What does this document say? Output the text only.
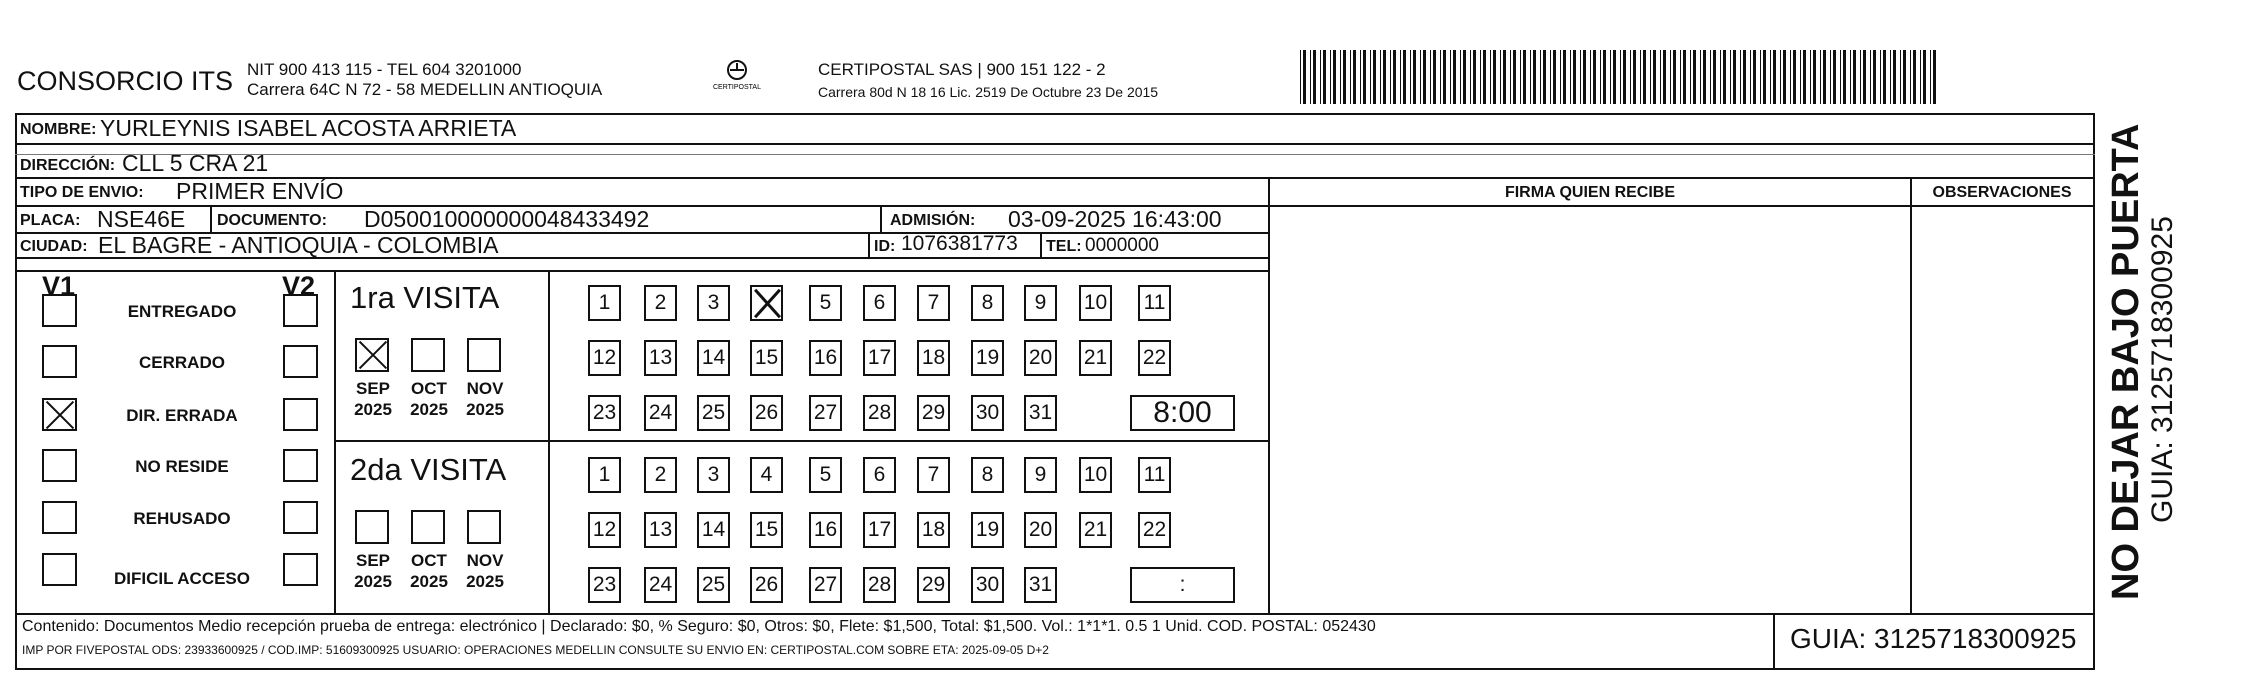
CONSORCIO ITS NIT 900 413 115 - TEL 604 3201000
Carrera 64C N 72 - 58 MEDELLIN ANTIOQUIA	CERTIPOSTAL
CERTIPOSTAL SAS | 900 151 122 - 2
Carrera 80d N 18 16 Lic. 2519 De Octubre 23 De 2015
NOMBRE: YURLEYNIS ISABEL ACOSTA ARRIETA
DIRECCIÓN: CLL 5 CRA 21
TIPO DE ENVIO: PRIMER ENVÍO	FIRMA QUIEN RECIBE	OBSERVACIONES
PLACA: NSE46E DOCUMENTO: D050010000000048433492	ADMISIÓN: 03-09-2025 16:43:00
CIUDAD: EL BAGRE - ANTIOQUIA - COLOMBIA	ID: 1076381773 TEL: 0000000
V1	V2
ENTREGADO
CERRADO
DIR. ERRADA
NO RESIDE
REHUSADO
DIFICIL ACCESO
1ra VISITA
SEP
2025
OCT
2025
NOV
2025
1	2	3	5	6	7	8	9	10 11
12 13 14 15 16 17 18 19 20 21 22
23 24 25 26 27 28 29 30 31	8:00
2da VISITA
SEP
2025
OCT
2025
NOV
2025
1	2	3	4	5	6	7	8	9	10 11
12 13 14 15 16 17 18 19 20 21 22
23 24 25 26 27 28 29 30 31	:
Contenido: Documentos Medio recepción prueba de entrega: electrónico | Declarado: $0, % Seguro: $0, Otros: $0, Flete: $1,500, Total: $1,500. Vol.: 1*1*1. 0.5 1 Unid. COD. POSTAL: 052430
IMP POR FIVEPOSTAL ODS: 23933600925 / COD.IMP: 51609300925 USUARIO: OPERACIONES MEDELLIN CONSULTE SU ENVIO EN: CERTIPOSTAL.COM SOBRE ETA: 2025-09-05 D+2	GUIA: 3125718300925
NO DEJAR BAJO PUERTA GUIA: 3125718300925
